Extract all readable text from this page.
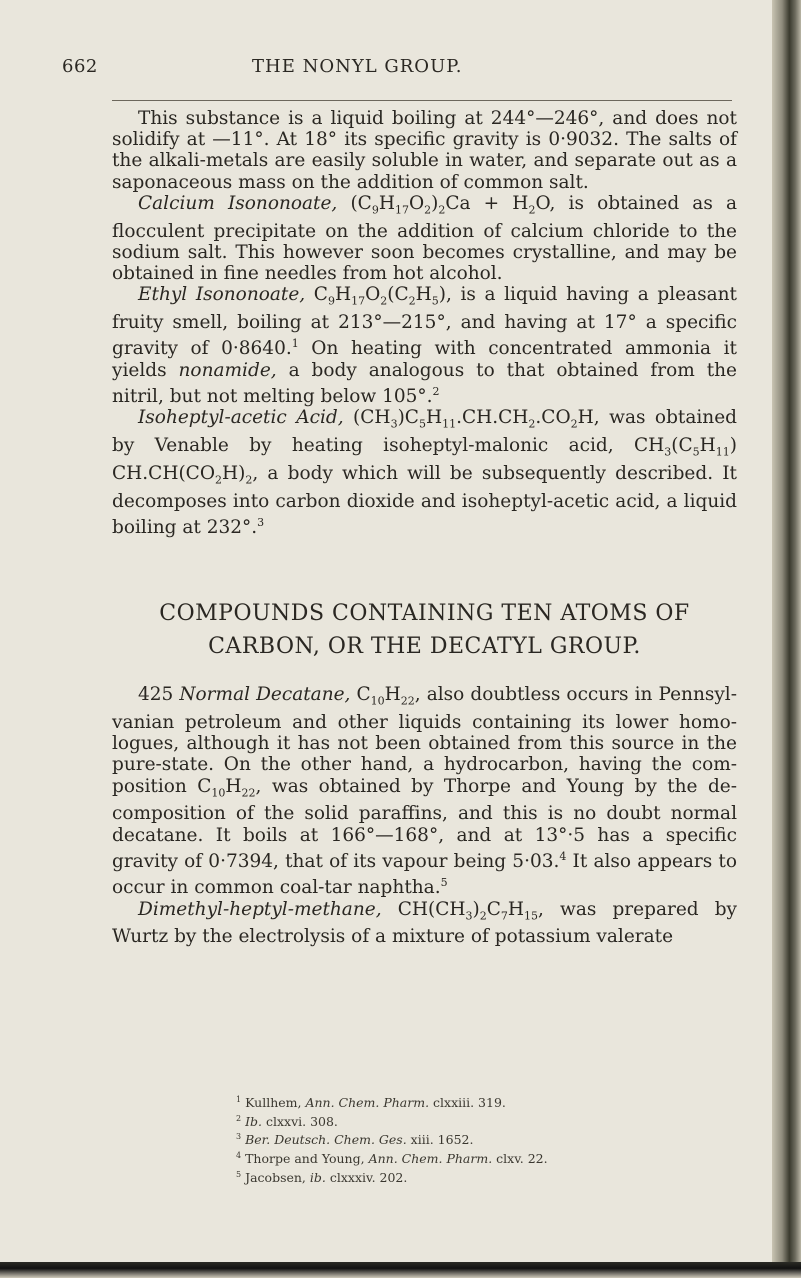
662	THE NONYL GROUP.

This substance is a liquid boiling at 244°—246°, and does not solidify at —11°. At 18° its specific gravity is 0·9032. The salts of the alkali-metals are easily soluble in water, and separate out as a saponaceous mass on the addition of common salt.

Calcium Isononoate, $(C_9H_{17}O_2)_2Ca + H_2O$, is obtained as a flocculent precipitate on the addition of calcium chloride to the sodium salt. This however soon becomes crystalline, and may be obtained in fine needles from hot alcohol.

Ethyl Isononoate, $C_9H_{17}O_2(C_2H_5)$, is a liquid having a pleasant fruity smell, boiling at 213°—215°, and having at 17° a specific gravity of 0·8640.$^1$ On heating with concentrated ammonia it yields nonamide, a body analogous to that obtained from the nitril, but not melting below 105°.$^2$

Isoheptyl-acetic Acid, $(CH_3)C_5H_{11}.CH.CH_2.CO_2H$, was obtained by Venable by heating isoheptyl-malonic acid, $CH_3(C_5H_{11})$ $CH.CH(CO_2H)_2$, a body which will be subsequently described. It decomposes into carbon dioxide and isoheptyl-acetic acid, a liquid boiling at 232°.$^3$

COMPOUNDS CONTAINING TEN ATOMS OF
CARBON, OR THE DECATYL GROUP.

425 Normal Decatane, $C_{10}H_{22}$, also doubtless occurs in Pennsyl-vanian petroleum and other liquids containing its lower homo-logues, although it has not been obtained from this source in the pure-state. On the other hand, a hydrocarbon, having the com-position $C_{10}H_{22}$, was obtained by Thorpe and Young by the de-composition of the solid paraffins, and this is no doubt normal decatane. It boils at 166°—168°, and at 13°·5 has a specific gravity of 0·7394, that of its vapour being 5·03.$^4$ It also appears to occur in common coal-tar naphtha.$^5$

Dimethyl-heptyl-methane, $CH(CH_3)_2C_7H_{15}$, was prepared by Wurtz by the electrolysis of a mixture of potassium valerate

$^1$ Kullhem, Ann. Chem. Pharm. clxxiii. 319.
$^2$ Ib. clxxvi. 308.
$^3$ Ber. Deutsch. Chem. Ges. xiii. 1652.
$^4$ Thorpe and Young, Ann. Chem. Pharm. clxv. 22.
$^5$ Jacobsen, ib. clxxxiv. 202.
